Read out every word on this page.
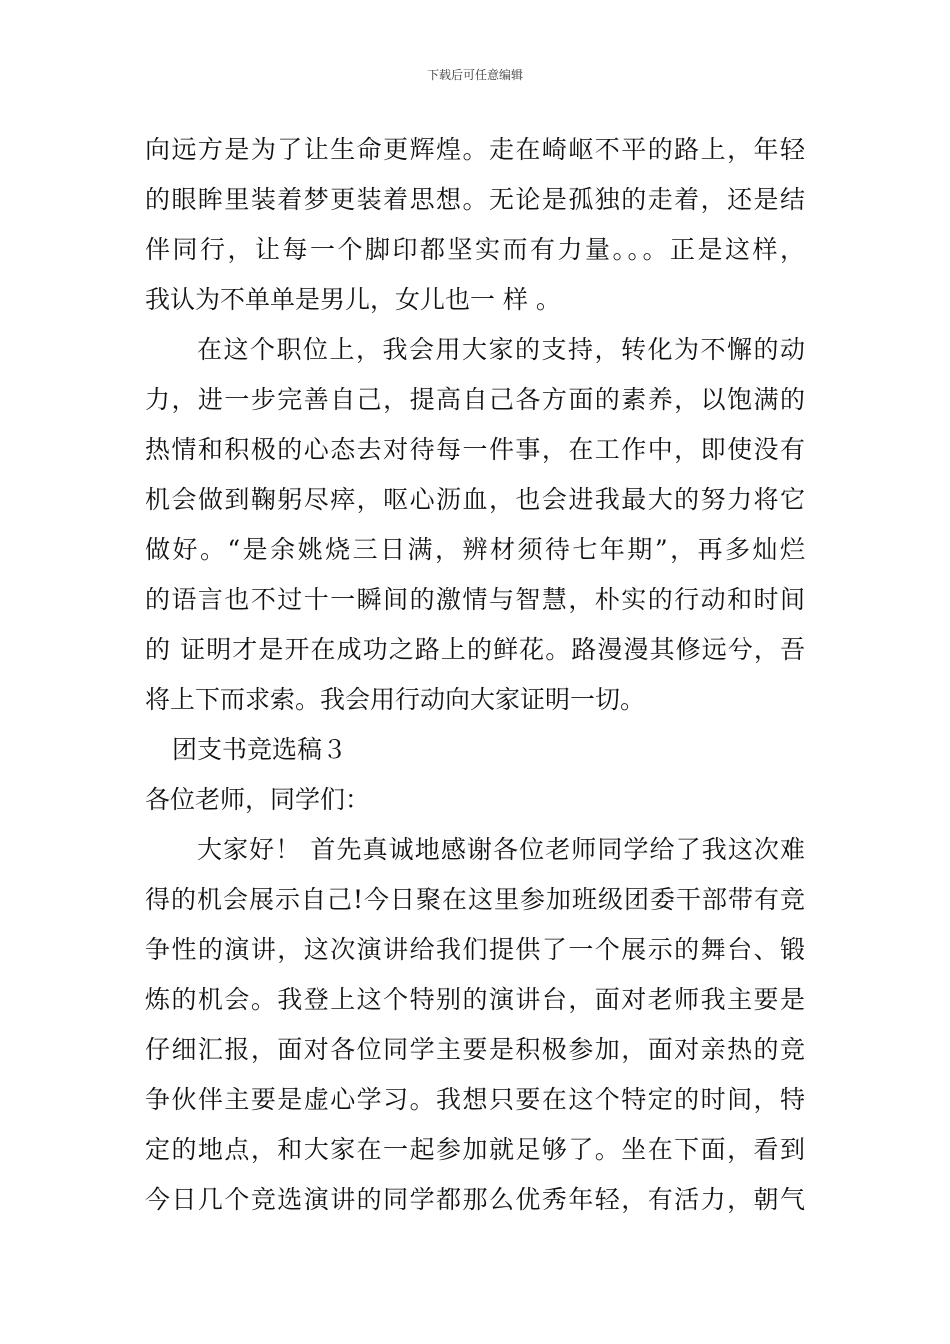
下载后可任意编辑
向远方是为了让生命更辉煌。走在崎岖不平的路上，年轻
的眼眸里装着梦更装着思想。无论是孤独的走着，还是结
伴同行，让每一个脚印都坚实而有力量。。。正是这样，
我认为不单单是男儿，女儿也一 样 。
在这个职位上，我会用大家的支持，转化为不懈的动
力，进一步完善自己，提高自己各方面的素养，以饱满的
热情和积极的心态去对待每一件事，在工作中，即使没有
机会做到鞠躬尽瘁，呕心沥血，也会进我最大的努力将它
做好。“是余姚烧三日满，辨材须待七年期”，再多灿烂
的语言也不过十一瞬间的激情与智慧，朴实的行动和时间
的 证明才是开在成功之路上的鲜花。路漫漫其修远兮，吾
将上下而求索。我会用行动向大家证明一切。
团支书竞选稿３
各位老师，同学们：
大家好！ 首先真诚地感谢各位老师同学给了我这次难
得的机会展示自己!今日聚在这里参加班级团委干部带有竞
争性的演讲，这次演讲给我们提供了一个展示的舞台、锻
炼的机会。我登上这个特别的演讲台，面对老师我主要是
仔细汇报，面对各位同学主要是积极参加，面对亲热的竞
争伙伴主要是虚心学习。我想只要在这个特定的时间，特
定的地点，和大家在一起参加就足够了。坐在下面，看到
今日几个竞选演讲的同学都那么优秀年轻，有活力，朝气
